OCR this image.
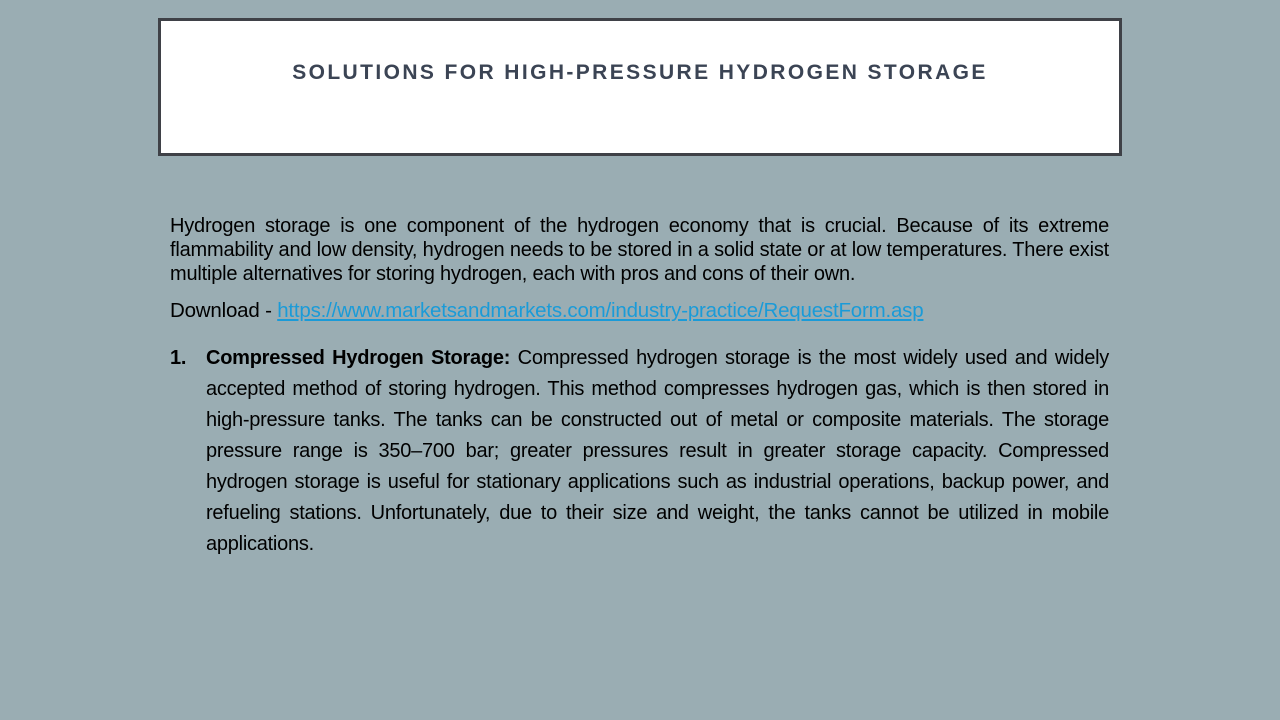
SOLUTIONS FOR HIGH-PRESSURE HYDROGEN STORAGE

Hydrogen storage is one component of the hydrogen economy that is crucial. Because of its extreme flammability and low density, hydrogen needs to be stored in a solid state or at low temperatures. There exist multiple alternatives for storing hydrogen, each with pros and cons of their own.

Download - https://www.marketsandmarkets.com/industry-practice/RequestForm.asp

1. Compressed Hydrogen Storage: Compressed hydrogen storage is the most widely used and widely accepted method of storing hydrogen. This method compresses hydrogen gas, which is then stored in high-pressure tanks. The tanks can be constructed out of metal or composite materials. The storage pressure range is 350–700 bar; greater pressures result in greater storage capacity. Compressed hydrogen storage is useful for stationary applications such as industrial operations, backup power, and refueling stations. Unfortunately, due to their size and weight, the tanks cannot be utilized in mobile applications.
